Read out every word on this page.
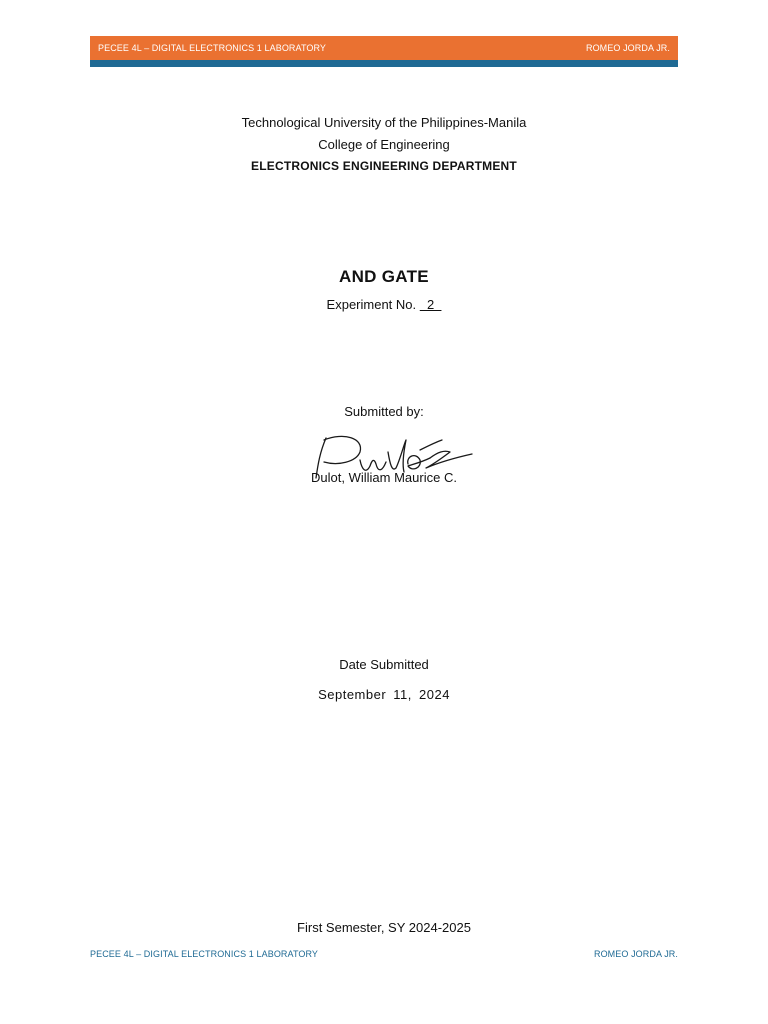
PECEE 4L – DIGITAL ELECTRONICS 1 LABORATORY	ROMEO JORDA JR.
Technological University of the Philippines-Manila
College of Engineering
ELECTRONICS ENGINEERING DEPARTMENT
AND GATE
Experiment No.   2
Submitted by:
Dulot, William Maurice C.
Date Submitted
September 11, 2024
First Semester, SY 2024-2025
PECEE 4L – DIGITAL ELECTRONICS 1 LABORATORY	ROMEO JORDA JR.
